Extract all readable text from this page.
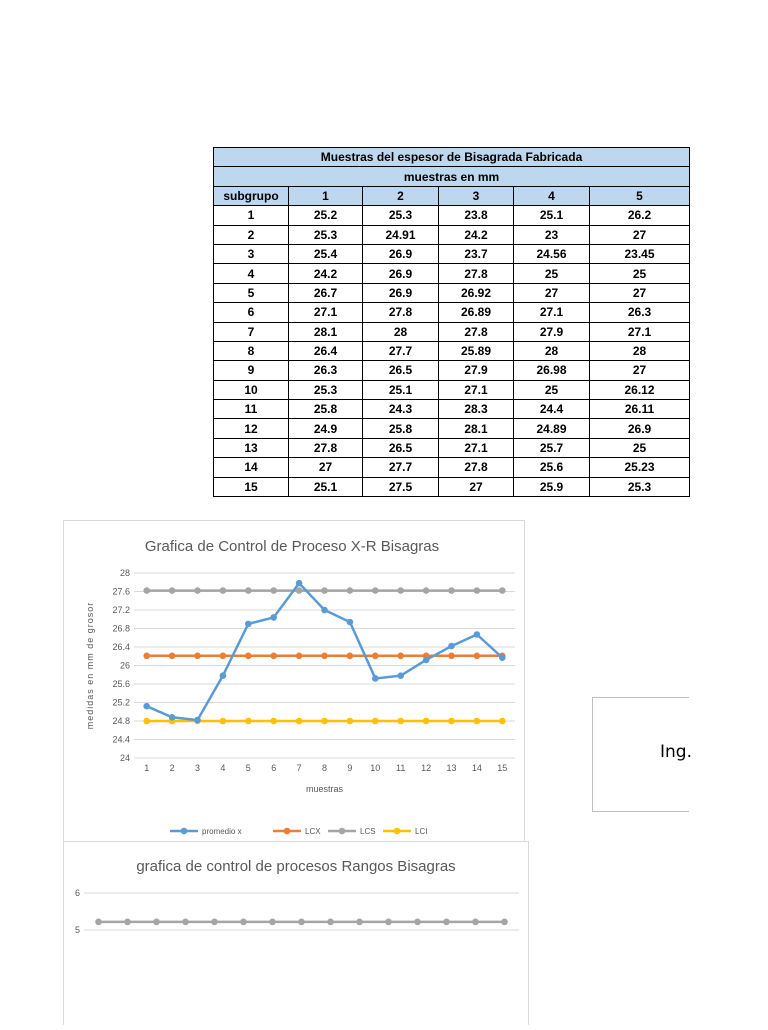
Muestras del espesor de Bisagrada Fabricada					
muestras en mm					
subgrupo	1	2	3	4	5
1	25.2	25.3	23.8	25.1	26.2
2	25.3	24.91	24.2	23	27
3	25.4	26.9	23.7	24.56	23.45
4	24.2	26.9	27.8	25	25
5	26.7	26.9	26.92	27	27
6	27.1	27.8	26.89	27.1	26.3
7	28.1	28	27.8	27.9	27.1
8	26.4	27.7	25.89	28	28
9	26.3	26.5	27.9	26.98	27
10	25.3	25.1	27.1	25	26.12
11	25.8	24.3	28.3	24.4	26.11
12	24.9	25.8	28.1	24.89	26.9
13	27.8	26.5	27.1	25.7	25
14	27	27.7	27.8	25.6	25.23
15	25.1	27.5	27	25.9	25.3
Grafica de Control de Proceso X-R Bisagras
24
24.4
24.8
25.2
25.6
26
26.4
26.8
27.2
27.6
28
1 2 3 4 5 6 7 8 9 10 11 12 13 14 15
muestras
medidas en mm de grosor
promedio x	LCX	LCS	LCI
grafica de control de procesos Rangos Bisagras
5
6
Ing.
